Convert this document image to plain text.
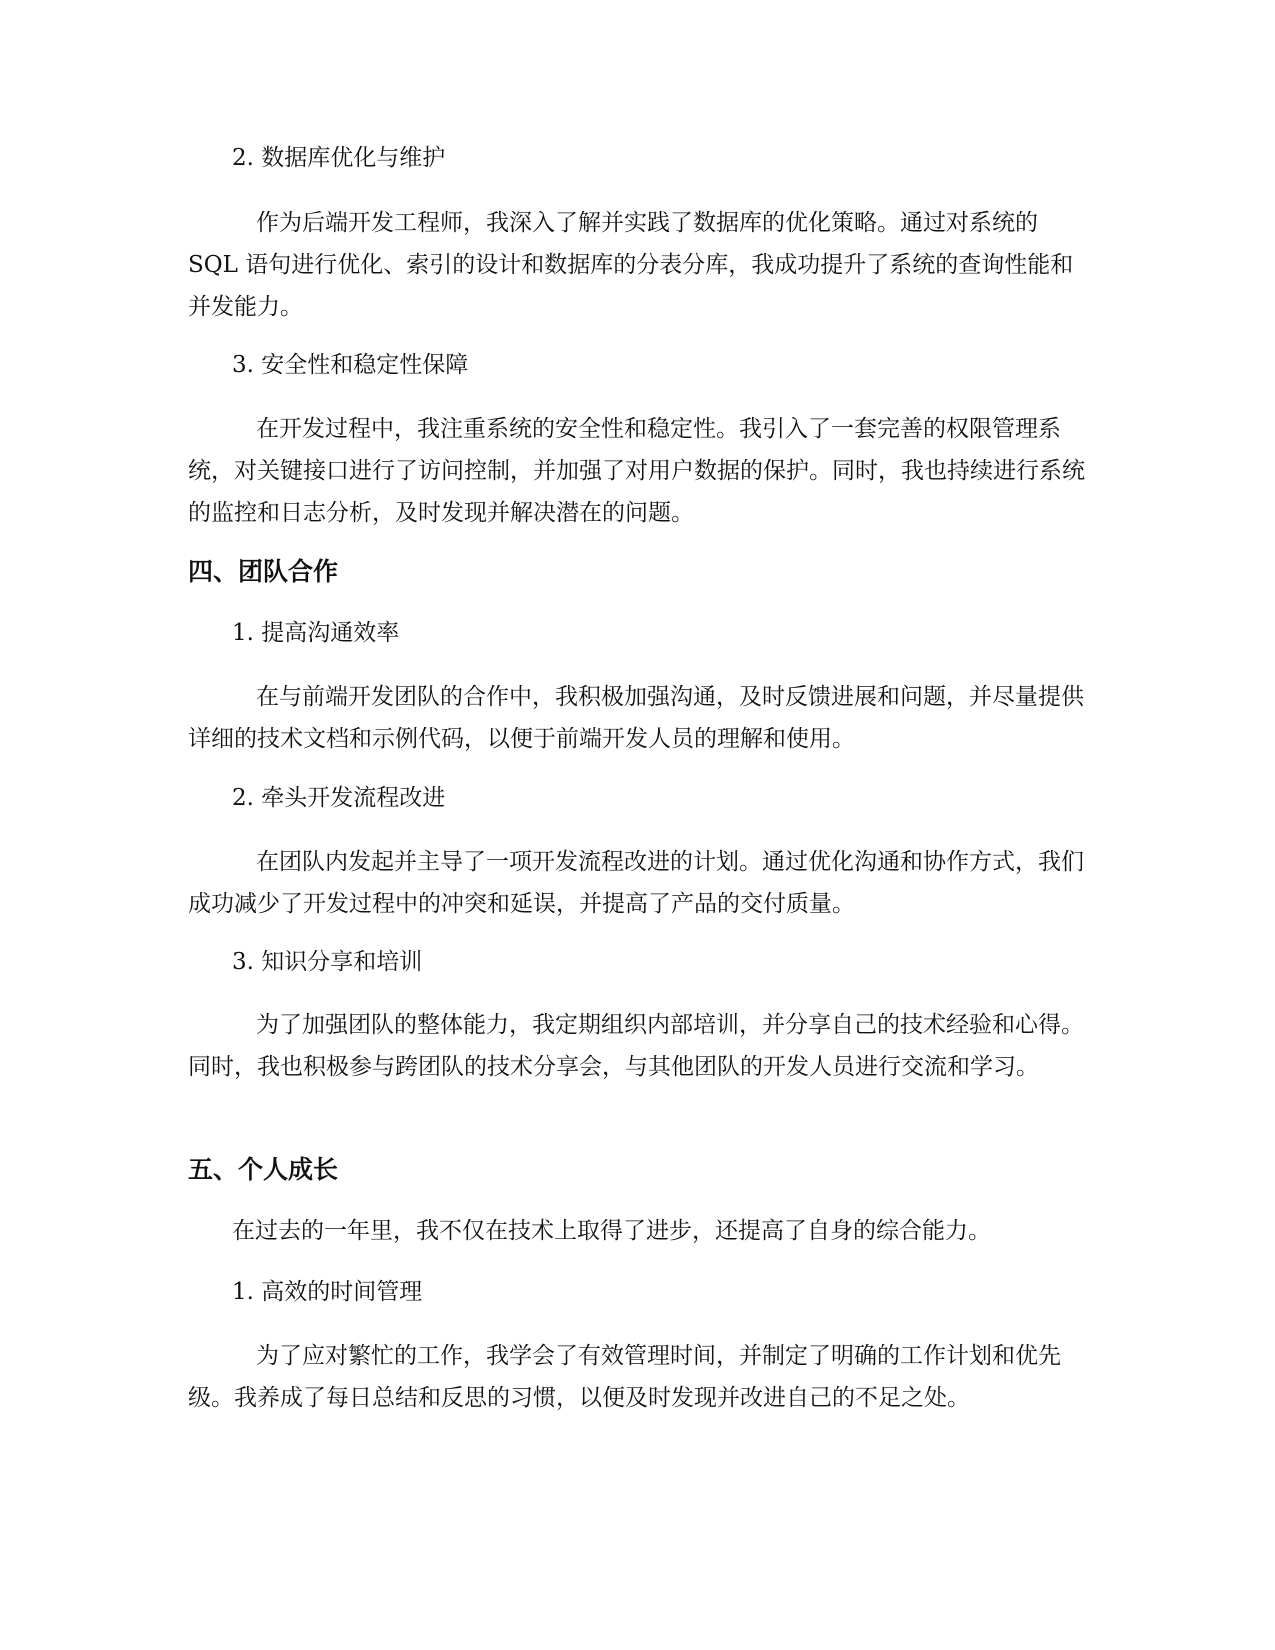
2. 数据库优化与维护

作为后端开发工程师，我深入了解并实践了数据库的优化策略。通过对系统的 SQL 语句进行优化、索引的设计和数据库的分表分库，我成功提升了系统的查询性能和并发能力。

3. 安全性和稳定性保障

在开发过程中，我注重系统的安全性和稳定性。我引入了一套完善的权限管理系统，对关键接口进行了访问控制，并加强了对用户数据的保护。同时，我也持续进行系统的监控和日志分析，及时发现并解决潜在的问题。

四、团队合作

1. 提高沟通效率

在与前端开发团队的合作中，我积极加强沟通，及时反馈进展和问题，并尽量提供详细的技术文档和示例代码，以便于前端开发人员的理解和使用。

2. 牵头开发流程改进

在团队内发起并主导了一项开发流程改进的计划。通过优化沟通和协作方式，我们成功减少了开发过程中的冲突和延误，并提高了产品的交付质量。

3. 知识分享和培训

为了加强团队的整体能力，我定期组织内部培训，并分享自己的技术经验和心得。同时，我也积极参与跨团队的技术分享会，与其他团队的开发人员进行交流和学习。

五、个人成长

在过去的一年里，我不仅在技术上取得了进步，还提高了自身的综合能力。

1. 高效的时间管理

为了应对繁忙的工作，我学会了有效管理时间，并制定了明确的工作计划和优先级。我养成了每日总结和反思的习惯，以便及时发现并改进自己的不足之处。
